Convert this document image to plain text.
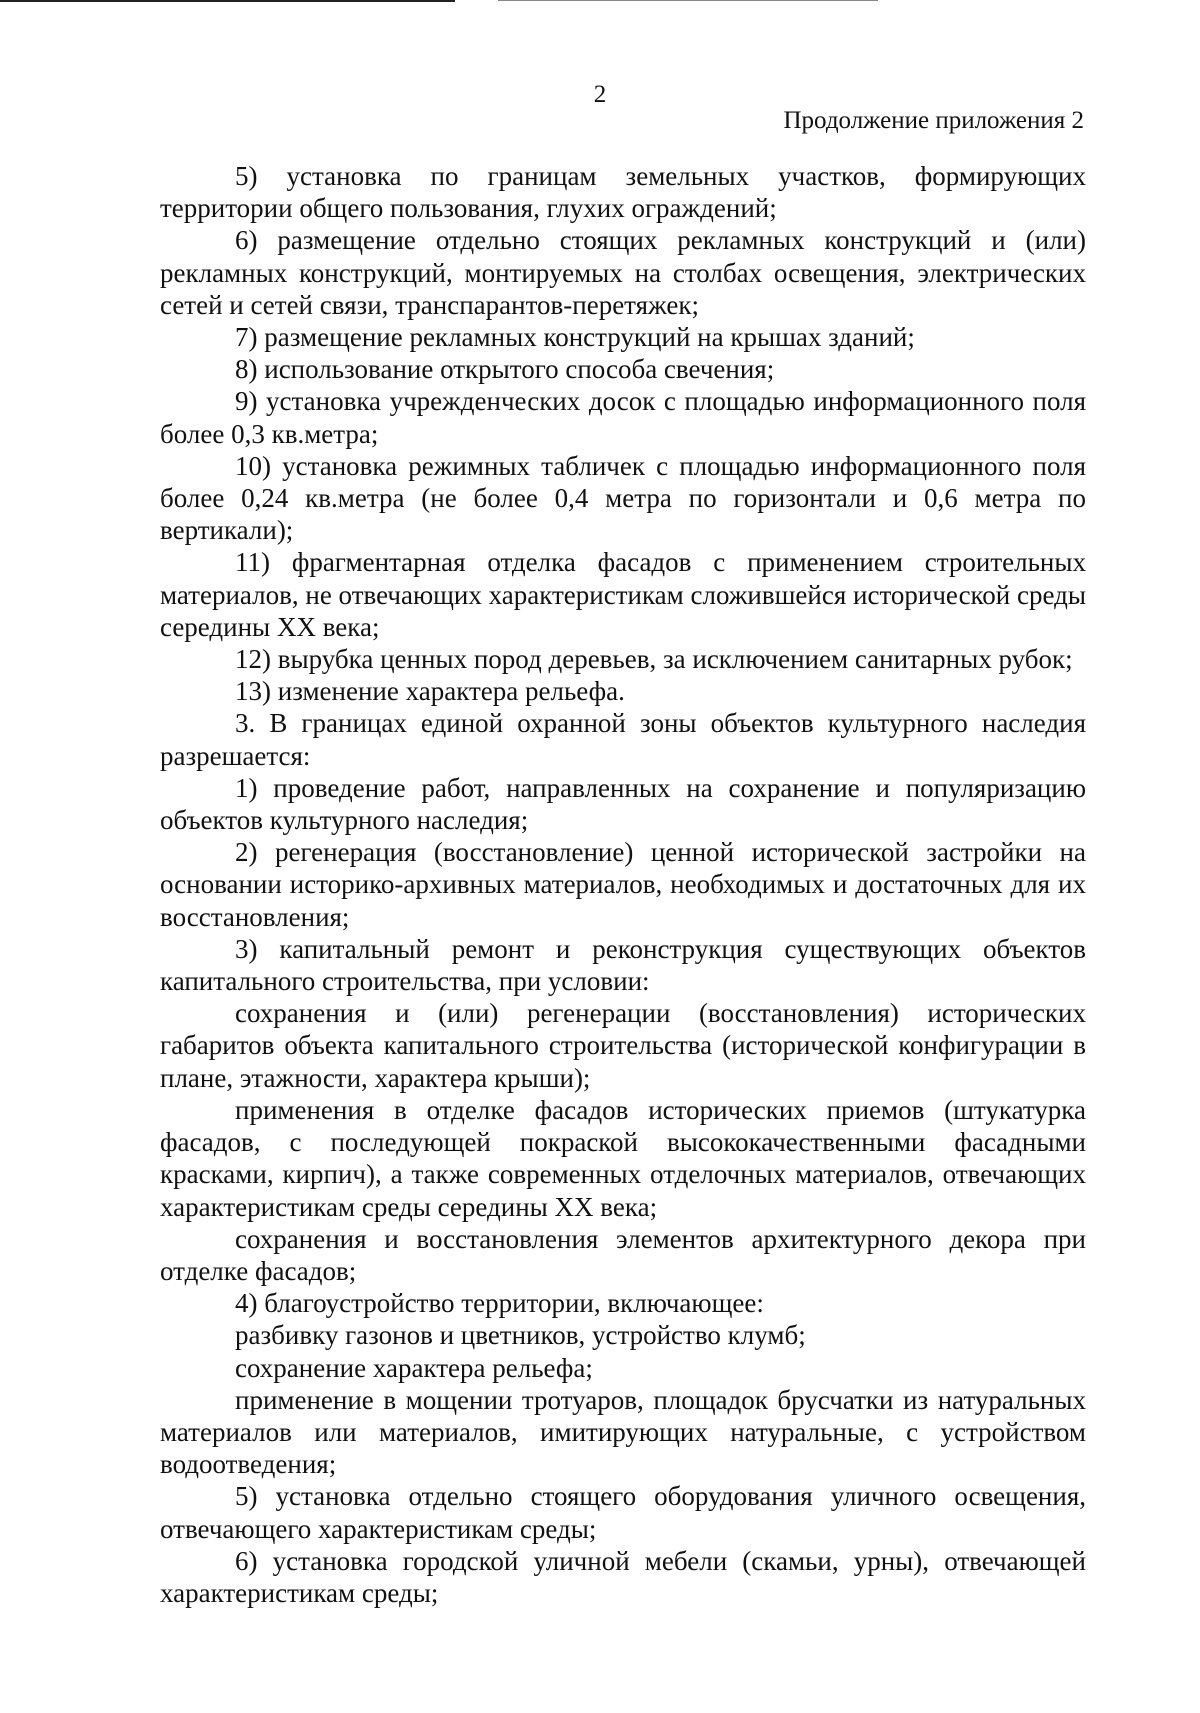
2
Продолжение приложения 2

5) установка по границам земельных участков, формирующих территории общего пользования, глухих ограждений;

6) размещение отдельно стоящих рекламных конструкций и (или) рекламных конструкций, монтируемых на столбах освещения, электрических сетей и сетей связи, транспарантов-перетяжек;

7) размещение рекламных конструкций на крышах зданий;

8) использование открытого способа свечения;

9) установка учрежденческих досок с площадью информационного поля более 0,3 кв.метра;

10) установка режимных табличек с площадью информационного поля более 0,24 кв.метра (не более 0,4 метра по горизонтали и 0,6 метра по вертикали);

11) фрагментарная отделка фасадов с применением строительных материалов, не отвечающих характеристикам сложившейся исторической среды середины XX века;

12) вырубка ценных пород деревьев, за исключением санитарных рубок;

13) изменение характера рельефа.

3. В границах единой охранной зоны объектов культурного наследия разрешается:

1) проведение работ, направленных на сохранение и популяризацию объектов культурного наследия;

2) регенерация (восстановление) ценной исторической застройки на основании историко-архивных материалов, необходимых и достаточных для их восстановления;

3) капитальный ремонт и реконструкция существующих объектов капитального строительства, при условии:

сохранения и (или) регенерации (восстановления) исторических габаритов объекта капитального строительства (исторической конфигурации в плане, этажности, характера крыши);

применения в отделке фасадов исторических приемов (штукатурка фасадов, с последующей покраской высококачественными фасадными красками, кирпич), а также современных отделочных материалов, отвечающих характеристикам среды середины XX века;

сохранения и восстановления элементов архитектурного декора при отделке фасадов;

4) благоустройство территории, включающее:

разбивку газонов и цветников, устройство клумб;

сохранение характера рельефа;

применение в мощении тротуаров, площадок брусчатки из натуральных материалов или материалов, имитирующих натуральные, с устройством водоотведения;

5) установка отдельно стоящего оборудования уличного освещения, отвечающего характеристикам среды;

6) установка городской уличной мебели (скамьи, урны), отвечающей характеристикам среды;
